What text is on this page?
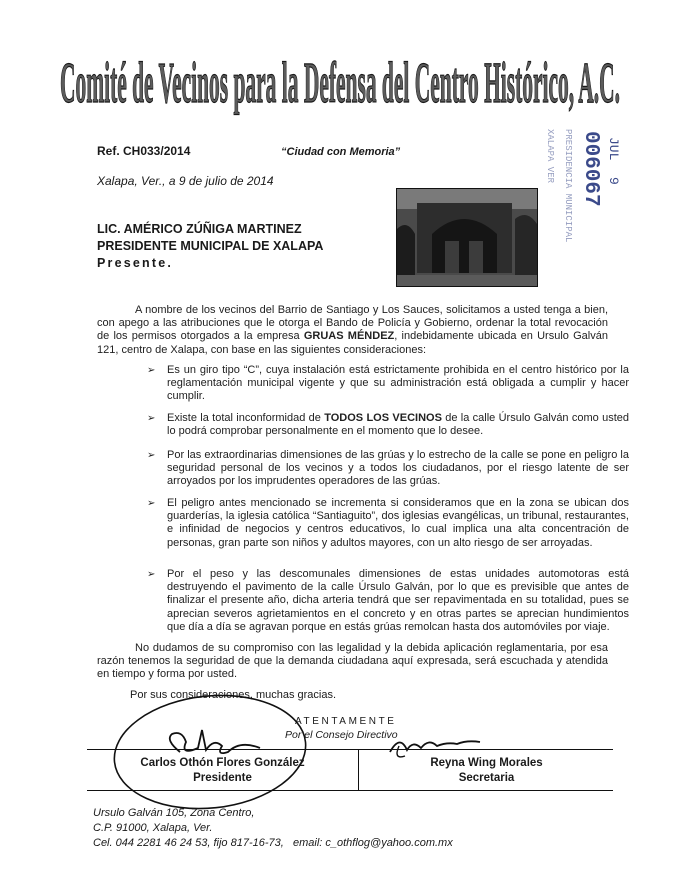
Comité de Vecinos para la Defensa del Centro Histórico, A.C.
Ref. CH033/2014	“Ciudad con Memoria”
Xalapa, Ver., a 9 de julio de 2014
JUL
9
006067
PRESIDENCIA MUNICIPAL
XALAPA VER
LIC. AMÉRICO ZÚÑIGA MARTINEZ
PRESIDENTE MUNICIPAL DE XALAPA
Presente.
A nombre de los vecinos del Barrio de Santiago y Los Sauces, solicitamos a usted tenga a bien, con apego a las atribuciones que le otorga el Bando de Policía y Gobierno, ordenar la total revocación de los permisos otorgados a la empresa GRUAS MÉNDEZ, indebidamente ubicada en Ursulo Galván 121, centro de Xalapa, con base en las siguientes consideraciones:
➢ Es un giro tipo “C”, cuya instalación está estrictamente prohibida en el centro histórico por la reglamentación municipal vigente y que su administración está obligada a cumplir y hacer cumplir.
➢ Existe la total inconformidad de TODOS LOS VECINOS de la calle Úrsulo Galván como usted lo podrá comprobar personalmente en el momento que lo desee.
➢ Por las extraordinarias dimensiones de las grúas y lo estrecho de la calle se pone en peligro la seguridad personal de los vecinos y a todos los ciudadanos, por el riesgo latente de ser arroyados por los imprudentes operadores de las grúas.
➢ El peligro antes mencionado se incrementa si consideramos que en la zona se ubican dos guarderías, la iglesia católica “Santiaguito”, dos iglesias evangélicas, un tribunal, restaurantes, e infinidad de negocios y centros educativos, lo cual implica una alta concentración de personas, gran parte son niños y adultos mayores, con un alto riesgo de ser arroyadas.
➢ Por el peso y las descomunales dimensiones de estas unidades automotoras está destruyendo el pavimento de la calle Úrsulo Galván, por lo que es previsible que antes de finalizar el presente año, dicha arteria tendrá que ser repavimentada en su totalidad, pues se aprecian severos agrietamientos en el concreto y en otras partes se aprecian hundimientos que día a día se agravan porque en estás grúas remolcan hasta dos automóviles por viaje.
No dudamos de su compromiso con las legalidad y la debida aplicación reglamentaria, por esa razón tenemos la seguridad de que la demanda ciudadana aquí expresada, será escuchada y atendida en tiempo y forma por usted.
Por sus consideraciones, muchas gracias.
ATENTAMENTE
Por el Consejo Directivo
Carlos Othón Flores González
Presidente
Reyna Wing Morales
Secretaria
Ursulo Galván 105, Zona Centro,
C.P. 91000, Xalapa, Ver.
Cel. 044 2281 46 24 53, fijo 817-16-73, email: c_othflog@yahoo.com.mx
